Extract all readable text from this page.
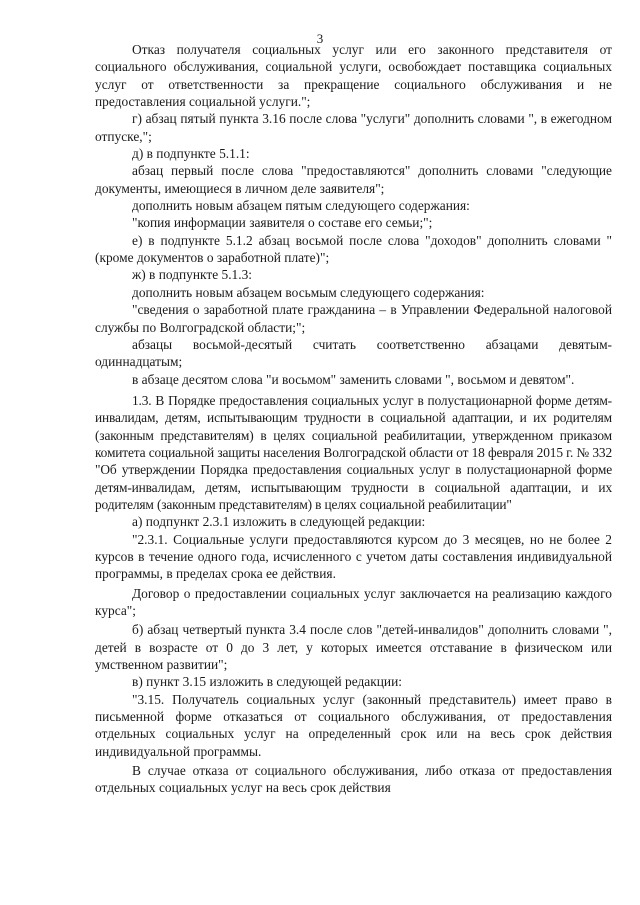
3

Отказ получателя социальных услуг или его законного представителя от социального обслуживания, социальной услуги, освобождает поставщика социальных услуг от ответственности за прекращение социального обслуживания и не предоставления социальной услуги.";

г) абзац пятый пункта 3.16 после слова "услуги" дополнить словами ", в ежегодном отпуске,";

д) в подпункте 5.1.1:

абзац первый после слова "предоставляются" дополнить словами "следующие документы, имеющиеся в личном деле заявителя";

дополнить новым абзацем пятым следующего содержания:

"копия информации заявителя о составе его семьи;";

е) в подпункте 5.1.2 абзац восьмой после слова "доходов" дополнить словами "(кроме документов о заработной плате)";

ж) в подпункте 5.1.3:

дополнить новым абзацем восьмым следующего содержания:

"сведения о заработной плате гражданина – в Управлении Федеральной налоговой службы по Волгоградской области;";

абзацы восьмой-десятый считать соответственно абзацами девятым-одиннадцатым;

в абзаце десятом слова "и восьмом" заменить словами ", восьмом и девятом".

1.3. В Порядке предоставления социальных услуг в полустационарной форме детям-инвалидам, детям, испытывающим трудности в социальной адаптации, и их родителям (законным представителям) в целях социальной реабилитации, утвержденном приказом комитета социальной защиты населения Волгоградской области от 18 февраля 2015 г. № 332 "Об утверждении Порядка предоставления социальных услуг в полустационарной форме детям-инвалидам, детям, испытывающим трудности в социальной адаптации, и их родителям (законным представителям) в целях социальной реабилитации"

а) подпункт 2.3.1 изложить в следующей редакции:

"2.3.1. Социальные услуги предоставляются курсом до 3 месяцев, но не более 2 курсов в течение одного года, исчисленного с учетом даты составления индивидуальной программы, в пределах срока ее действия.

Договор о предоставлении социальных услуг заключается на реализацию каждого курса";

б) абзац четвертый пункта 3.4 после слов "детей-инвалидов" дополнить словами ", детей в возрасте от 0 до 3 лет, у которых имеется отставание в физическом или умственном развитии";

в) пункт 3.15 изложить в следующей редакции:

"3.15. Получатель социальных услуг (законный представитель) имеет право в письменной форме отказаться от социального обслуживания, от предоставления отдельных социальных услуг на определенный срок или на весь срок действия индивидуальной программы.

В случае отказа от социального обслуживания, либо отказа от предоставления отдельных социальных услуг на весь срок действия
